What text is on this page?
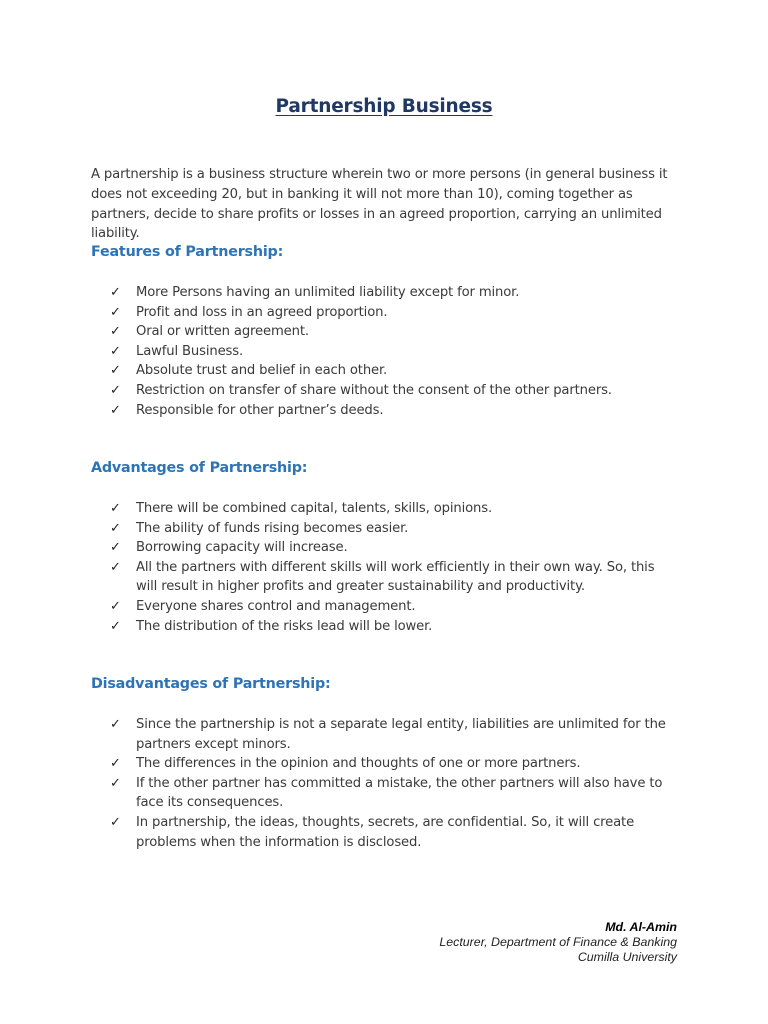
Partnership Business
A partnership is a business structure wherein two or more persons (in general business it does not exceeding 20, but in banking it will not more than 10), coming together as partners, decide to share profits or losses in an agreed proportion, carrying an unlimited liability.
Features of Partnership:
✓ More Persons having an unlimited liability except for minor.
✓ Profit and loss in an agreed proportion.
✓ Oral or written agreement.
✓ Lawful Business.
✓ Absolute trust and belief in each other.
✓ Restriction on transfer of share without the consent of the other partners.
✓ Responsible for other partner’s deeds.
Advantages of Partnership:
✓ There will be combined capital, talents, skills, opinions.
✓ The ability of funds rising becomes easier.
✓ Borrowing capacity will increase.
✓ All the partners with different skills will work efficiently in their own way. So, this will result in higher profits and greater sustainability and productivity.
✓ Everyone shares control and management.
✓ The distribution of the risks lead will be lower.
Disadvantages of Partnership:
✓ Since the partnership is not a separate legal entity, liabilities are unlimited for the partners except minors.
✓ The differences in the opinion and thoughts of one or more partners.
✓ If the other partner has committed a mistake, the other partners will also have to face its consequences.
✓ In partnership, the ideas, thoughts, secrets, are confidential. So, it will create problems when the information is disclosed.
Md. Al-Amin
Lecturer, Department of Finance & Banking
Cumilla University
